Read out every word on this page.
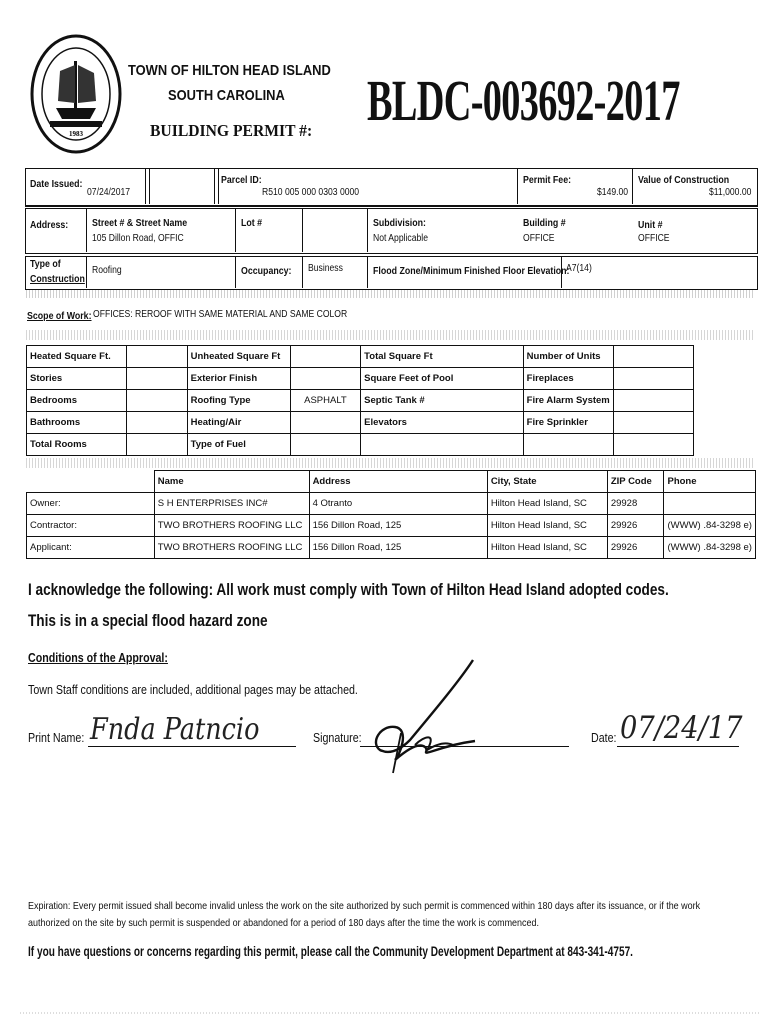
1983
TOWN OF HILTON HEAD ISLAND
SOUTH CAROLINA
BUILDING PERMIT #: BLDC-003692-2017
Date Issued:
07/24/2017
Parcel ID:
R510 005 000 0303 0000
Permit Fee:
$149.00
Value of Construction
$11,000.00
Address: Street # & Street Name
105 Dillon Road, OFFIC
Lot #	Subdivision:
Not Applicable
Building #
OFFICE
Unit #
OFFICE
Type of
Construction
Roofing	Occupancy: Business	Flood Zone/Minimum Finished Floor Elevation:
A7(14)
Scope of Work: OFFICES: REROOF WITH SAME MATERIAL AND SAME COLOR
Heated Square Ft.		Unheated Square Ft		Total Square Ft	Number of Units	
Stories		Exterior Finish		Square Feet of Pool	Fireplaces	
Bedrooms		Roofing Type	ASPHALT	Septic Tank #	Fire Alarm System	
Bathrooms		Heating/Air		Elevators	Fire Sprinkler	
Total Rooms		Type of Fuel				
	Name	Address	City, State	ZIP Code	Phone
Owner:	S H ENTERPRISES INC#	4 Otranto	Hilton Head Island, SC	29928	
Contractor:	TWO BROTHERS ROOFING LLC	156 Dillon Road, 125	Hilton Head Island, SC	29926	(WWW) .84-3298 e)
Applicant:	TWO BROTHERS ROOFING LLC	156 Dillon Road, 125	Hilton Head Island, SC	29926	(WWW) .84-3298 e)
I acknowledge the following: All work must comply with Town of Hilton Head Island adopted codes.
This is in a special flood hazard zone
Conditions of the Approval:
Town Staff conditions are included, additional pages may be attached.
Print Name: Fnda Patncio	Signature:	Date: 07/24/17
Expiration: Every permit issued shall become invalid unless the work on the site authorized by such permit is commenced within 180 days after its issuance, or if the work authorized on the site by such permit is suspended or abandoned for a period of 180 days after the time the work is commenced.
If you have questions or concerns regarding this permit, please call the Community Development Department at 843-341-4757.
